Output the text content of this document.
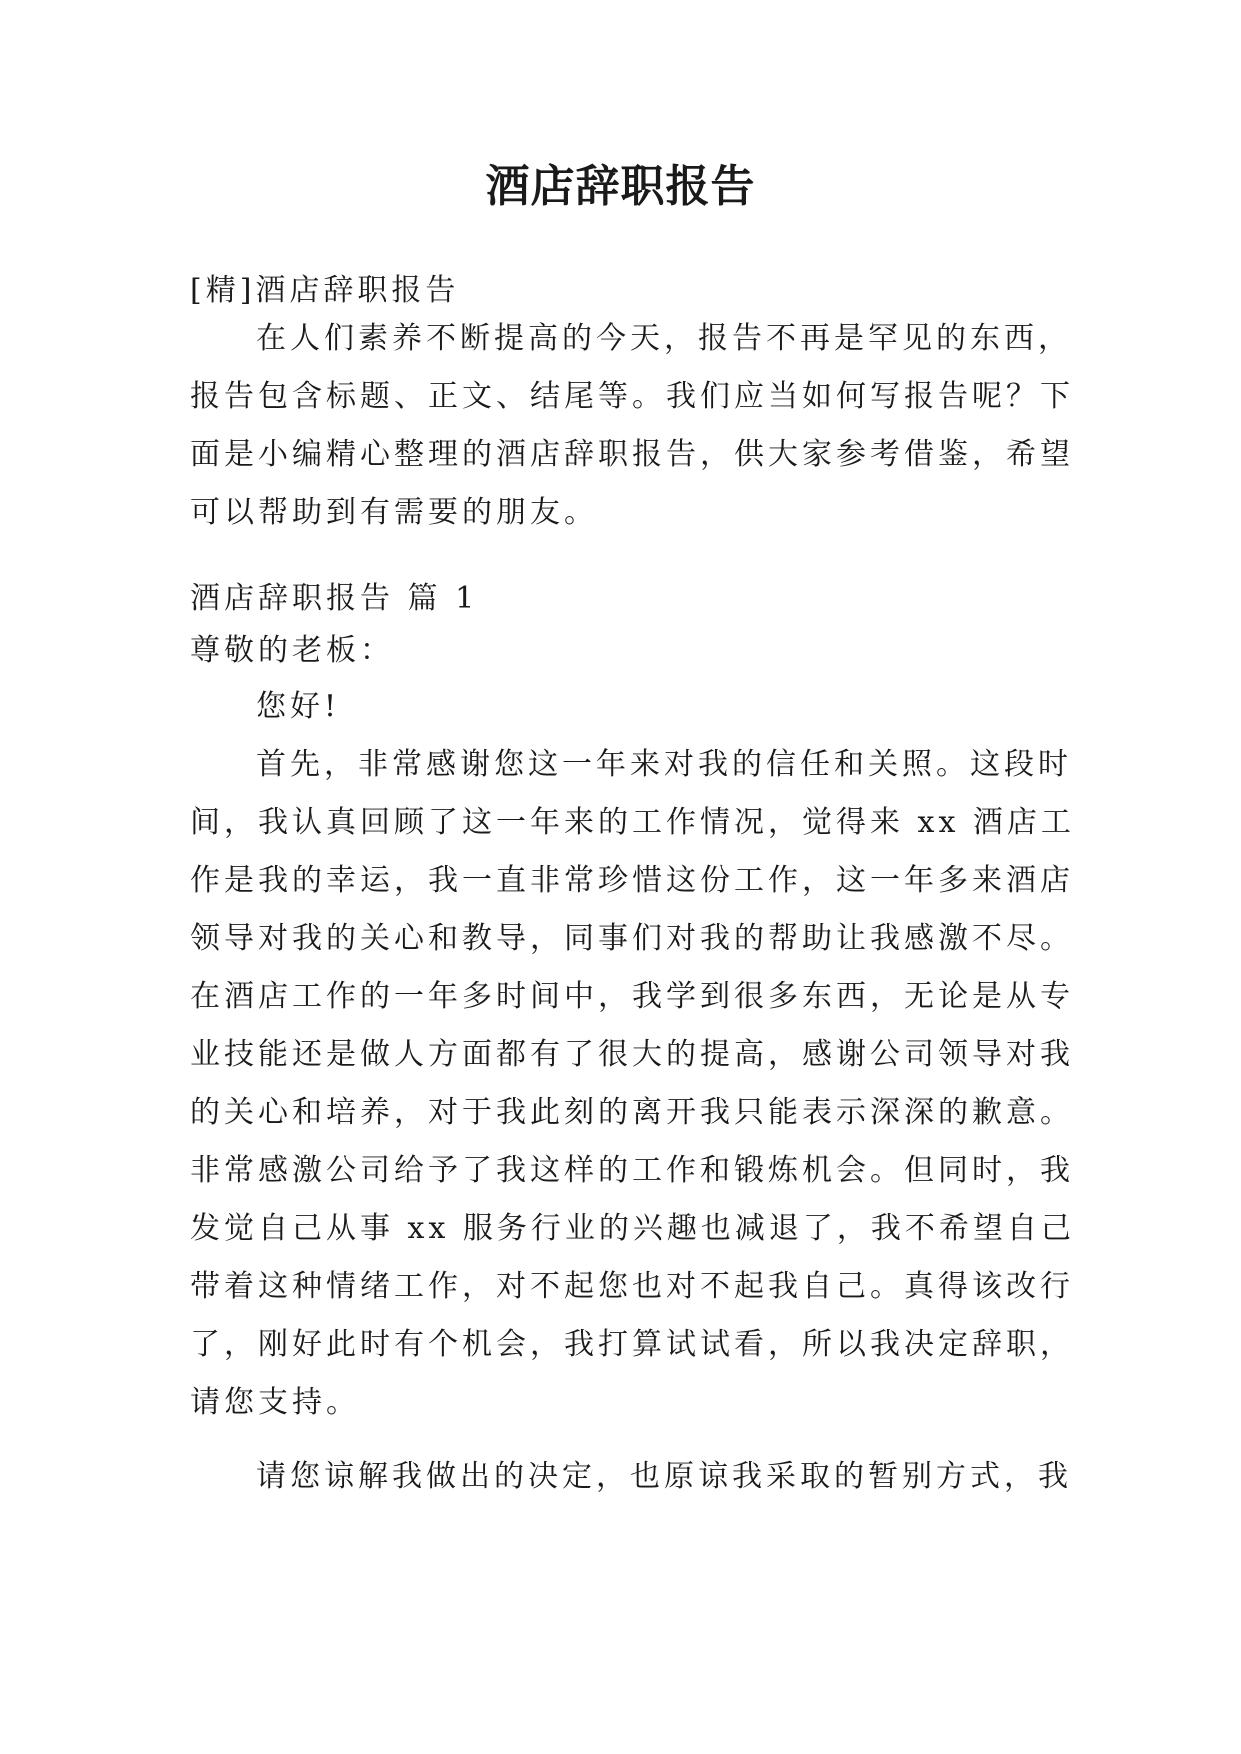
酒店辞职报告
[精]酒店辞职报告
在人们素养不断提高的今天，报告不再是罕见的东西，
报告包含标题、正文、结尾等。我们应当如何写报告呢？下
面是小编精心整理的酒店辞职报告，供大家参考借鉴，希望
可以帮助到有需要的朋友。
酒店辞职报告 篇 1
尊敬的老板：
您好!
首先，非常感谢您这一年来对我的信任和关照。这段时
间，我认真回顾了这一年来的工作情况，觉得来 xx 酒店工
作是我的幸运，我一直非常珍惜这份工作，这一年多来酒店
领导对我的关心和教导，同事们对我的帮助让我感激不尽。
在酒店工作的一年多时间中，我学到很多东西，无论是从专
业技能还是做人方面都有了很大的提高，感谢公司领导对我
的关心和培养，对于我此刻的离开我只能表示深深的歉意。
非常感激公司给予了我这样的工作和锻炼机会。但同时，我
发觉自己从事 xx 服务行业的兴趣也减退了，我不希望自己
带着这种情绪工作，对不起您也对不起我自己。真得该改行
了，刚好此时有个机会，我打算试试看，所以我决定辞职，
请您支持。
请您谅解我做出的决定，也原谅我采取的暂别方式，我
